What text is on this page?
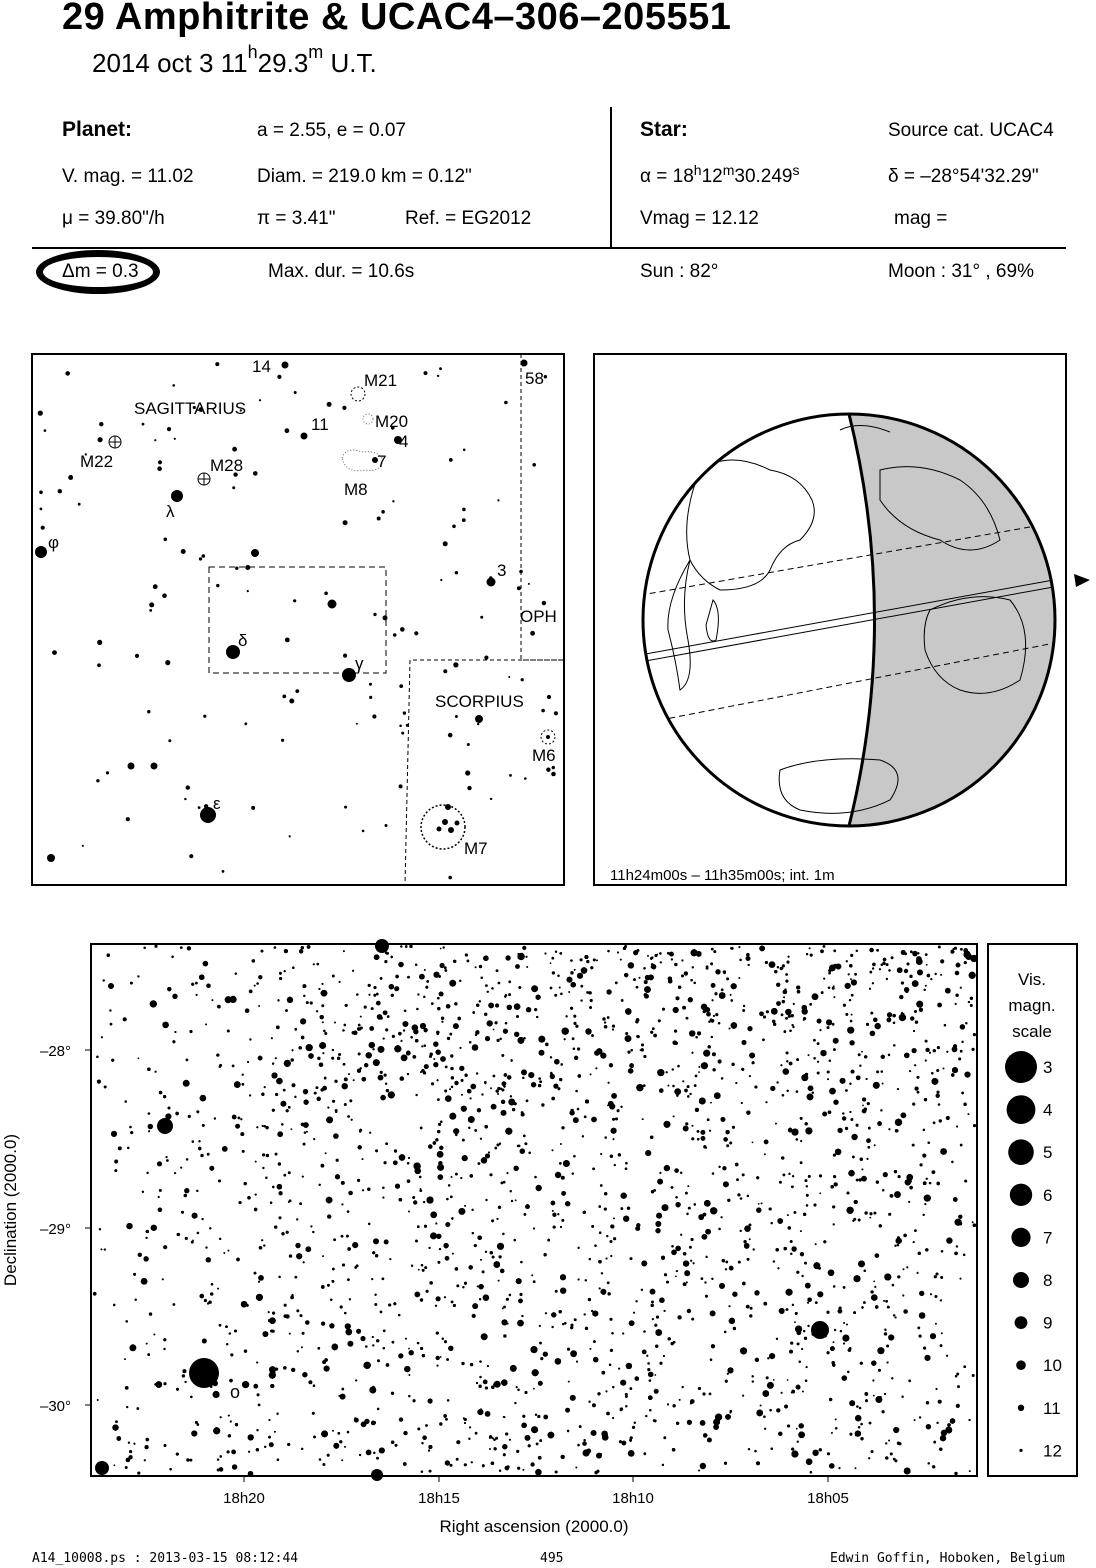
29 Amphitrite & UCAC4–306–205551
2014 oct 3 11$^h$29.3$^m$ U.T.
Planet:	a = 2.55, e = 0.07
V. mag. = 11.02	Diam. = 219.0 km = 0.12"
μ = 39.80"/h	π = 3.41"	Ref. = EG2012
Star:	Source cat. UCAC4
$\alpha = 18^h12^m30.249^s$	δ = –28°54'32.29"
Vmag = 12.12	mag =
Δm = 0.3	Max. dur. = 10.6s	Sun : 82°	Moon : 31° , 69%
SAGITTARIUS
SCORPIUS
OPH
M21
M20
M8
M22	M28
M6
M7
14
11
4
7
3
58
λ
φ
δ
γ
ε
11h24m00s – 11h35m00s; int. 1m
o
–28°
–29°
–30°
Declination (2000.0)
18h20	18h15	18h10	18h05
Right ascension (2000.0)
Vis.
magn.
scale
3
4
5
6
7
8
9
10
11
12
A14_10008.ps : 2013-03-15 08:12:44	495	Edwin Goffin, Hoboken, Belgium
